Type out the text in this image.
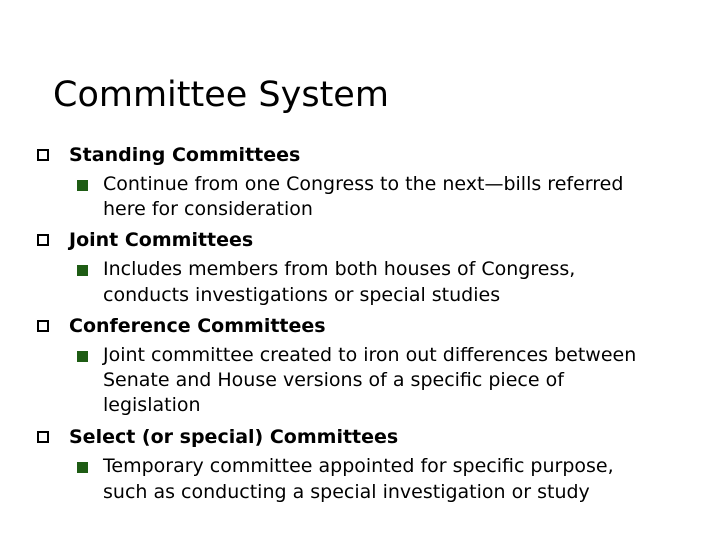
Committee System
Standing Committees
Continue from one Congress to the next—bills referred
here for consideration
Joint Committees
Includes members from both houses of Congress,
conducts investigations or special studies
Conference Committees
Joint committee created to iron out differences between
Senate and House versions of a specific piece of
legislation
Select (or special) Committees
Temporary committee appointed for specific purpose,
such as conducting a special investigation or study
